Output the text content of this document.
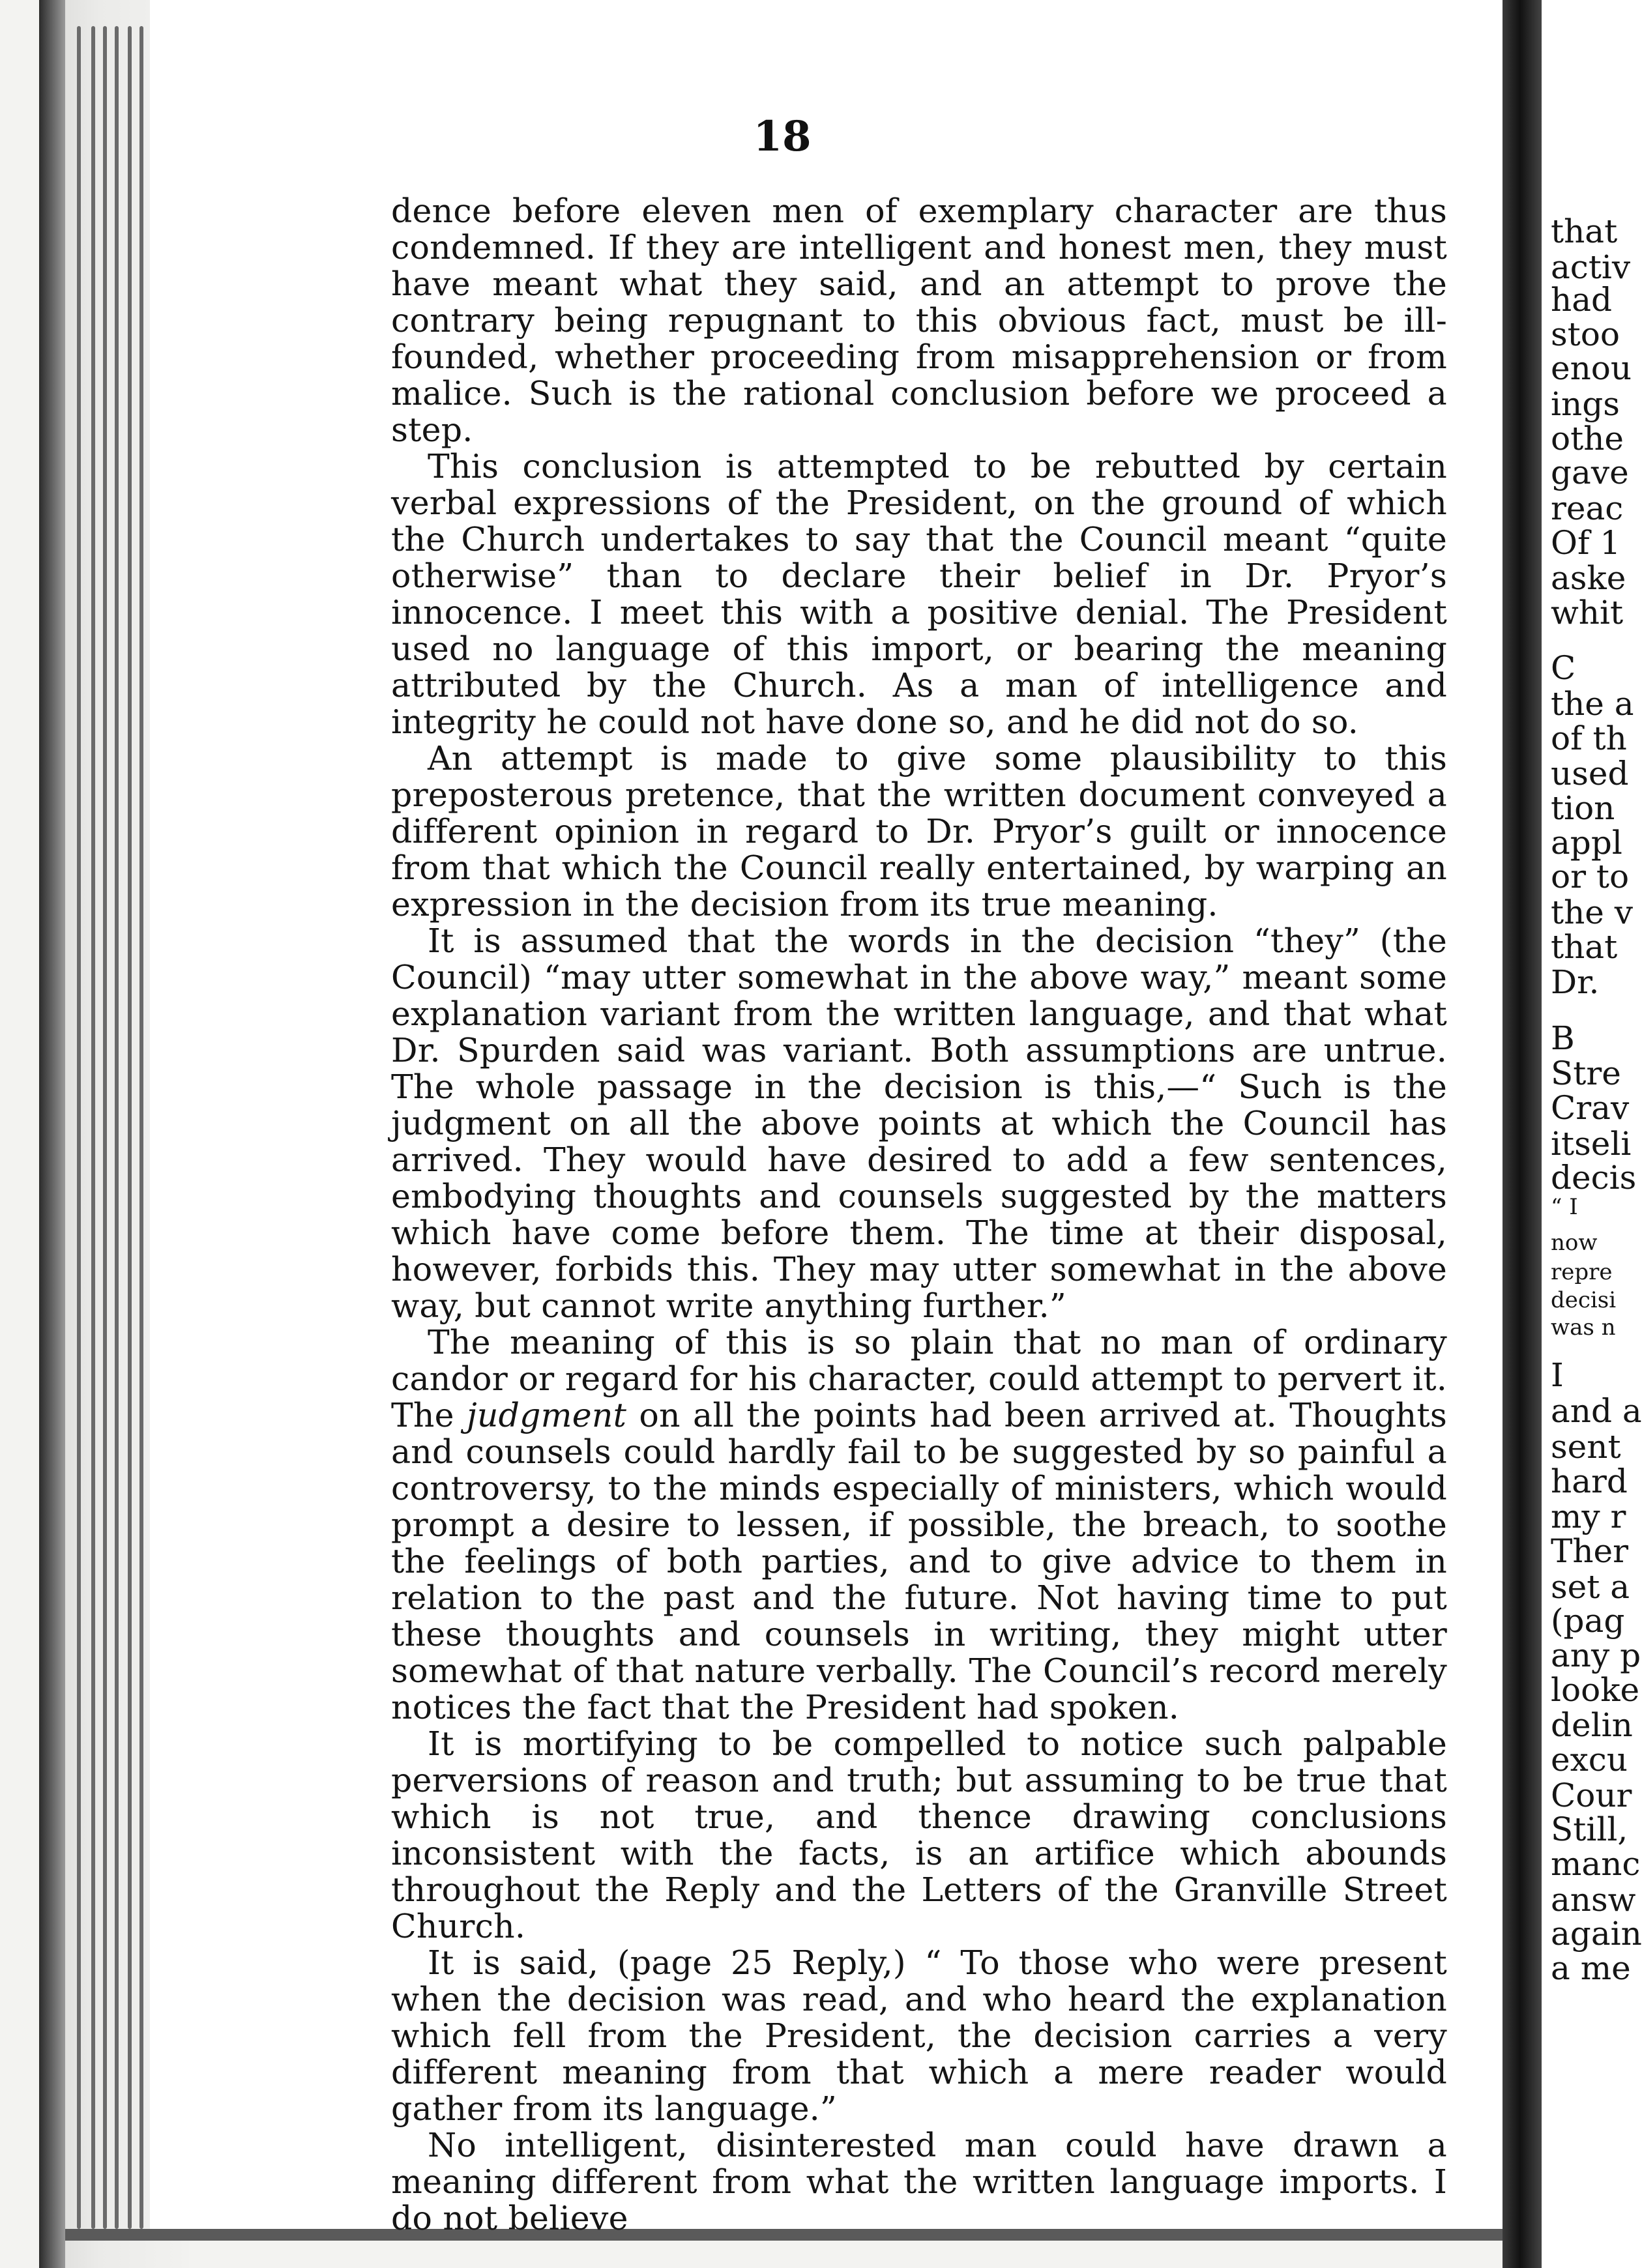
18

dence before eleven men of exemplary character are thus condemned. If they are intelligent and honest men, they must have meant what they said, and an attempt to prove the contrary being repugnant to this obvious fact, must be ill-founded, whether proceeding from misapprehension or from malice. Such is the rational conclusion before we proceed a step.

This conclusion is attempted to be rebutted by certain verbal expressions of the President, on the ground of which the Church undertakes to say that the Council meant “quite otherwise” than to declare their belief in Dr. Pryor’s innocence. I meet this with a positive denial. The President used no language of this import, or bearing the meaning attributed by the Church. As a man of intelligence and integrity he could not have done so, and he did not do so.

An attempt is made to give some plausibility to this preposterous pretence, that the written document conveyed a different opinion in regard to Dr. Pryor’s guilt or innocence from that which the Council really entertained, by warping an expression in the decision from its true meaning.

It is assumed that the words in the decision “they” (the Council) “may utter somewhat in the above way,” meant some explanation variant from the written language, and that what Dr. Spurden said was variant. Both assumptions are untrue. The whole passage in the decision is this,—“ Such is the judgment on all the above points at which the Council has arrived. They would have desired to add a few sentences, embodying thoughts and counsels suggested by the matters which have come before them. The time at their disposal, however, forbids this. They may utter somewhat in the above way, but cannot write anything further.”

The meaning of this is so plain that no man of ordinary candor or regard for his character, could attempt to pervert it. The judgment on all the points had been arrived at. Thoughts and counsels could hardly fail to be suggested by so painful a controversy, to the minds especially of ministers, which would prompt a desire to lessen, if possible, the breach, to soothe the feelings of both parties, and to give advice to them in relation to the past and the future. Not having time to put these thoughts and counsels in writing, they might utter somewhat of that nature verbally. The Council’s record merely notices the fact that the President had spoken.

It is mortifying to be compelled to notice such palpable perversions of reason and truth; but assuming to be true that which is not true, and thence drawing conclusions inconsistent with the facts, is an artifice which abounds throughout the Reply and the Letters of the Granville Street Church.

It is said, (page 25 Reply,) “ To those who were present when the decision was read, and who heard the explanation which fell from the President, the decision carries a very different meaning from that which a mere reader would gather from its language.”

No intelligent, disinterested man could have drawn a meaning different from what the written language imports. I do not believe

that
activ
had
stoo
enou
ings
othe
gave
reac
Of 1
aske
whit
C
the a
of th
used
tion
appl
or to
the v
that
Dr.
B
Stre
Crav
itseli
decis
“ I
now
repre
decisi
was n
I
and a
sent
hard
my r
Ther
set a
(pag
any p
looke
delin
excu
Cour
Still,
manc
answ
again
a me
